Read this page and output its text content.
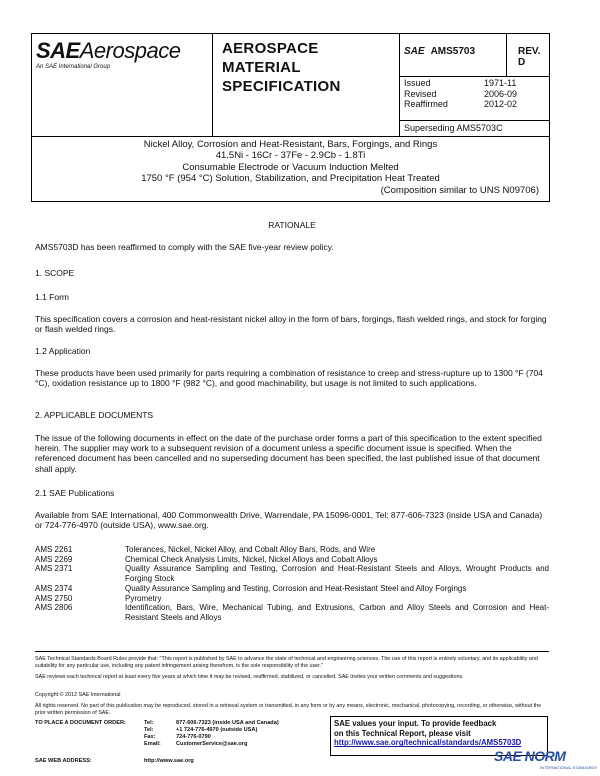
SAEAerospace
An SAE International Group
AEROSPACE
MATERIAL
SPECIFICATION
SAE AMS5703	REV. D
Issued	1971-11
Revised	2006-09
Reaffirmed	2012-02
Superseding AMS5703C
Nickel Alloy, Corrosion and Heat-Resistant, Bars, Forgings, and Rings
41.5Ni - 16Cr - 37Fe - 2.9Cb - 1.8Ti
Consumable Electrode or Vacuum Induction Melted
1750 °F (954 °C) Solution, Stabilization, and Precipitation Heat Treated
(Composition similar to UNS N09706)
RATIONALE
AMS5703D has been reaffirmed to comply with the SAE five-year review policy.
1. SCOPE
1.1 Form
This specification covers a corrosion and heat-resistant nickel alloy in the form of bars, forgings, flash welded rings, and stock for forging or flash welded rings.
1.2 Application
These products have been used primarily for parts requiring a combination of resistance to creep and stress-rupture up to 1300 °F (704 °C), oxidation resistance up to 1800 °F (982 °C), and good machinability, but usage is not limited to such applications.
2. APPLICABLE DOCUMENTS
The issue of the following documents in effect on the date of the purchase order forms a part of this specification to the extent specified herein. The supplier may work to a subsequent revision of a document unless a specific document issue is specified. When the referenced document has been cancelled and no superseding document has been specified, the last published issue of that document shall apply.
2.1 SAE Publications
Available from SAE International, 400 Commonwealth Drive, Warrendale, PA 15096-0001, Tel: 877-606-7323 (inside USA and Canada) or 724-776-4970 (outside USA), www.sae.org.
AMS 2261	Tolerances, Nickel, Nickel Alloy, and Cobalt Alloy Bars, Rods, and Wire
AMS 2269	Chemical Check Analysis Limits, Nickel, Nickel Alloys and Cobalt Alloys
AMS 2371	Quality Assurance Sampling and Testing, Corrosion and Heat-Resistant Steels and Alloys, Wrought Products and Forging Stock
AMS 2374	Quality Assurance Sampling and Testing, Corrosion and Heat-Resistant Steel and Alloy Forgings
AMS 2750	Pyrometry
AMS 2806	Identification, Bars, Wire, Mechanical Tubing, and Extrusions, Carbon and Alloy Steels and Corrosion and Heat-Resistant Steels and Alloys
SAE Technical Standards Board Rules provide that: "This report is published by SAE to advance the state of technical and engineering sciences. The use of this report is entirely voluntary, and its applicability and suitability for any particular use, including any patent infringement arising therefrom, is the sole responsibility of the user."
SAE reviews each technical report at least every five years at which time it may be revised, reaffirmed, stabilized, or cancelled. SAE invites your written comments and suggestions.
Copyright © 2012 SAE International
All rights reserved. No part of this publication may be reproduced, stored in a retrieval system or transmitted, in any form or by any means, electronic, mechanical, photocopying, recording, or otherwise, without the prior written permission of SAE.
TO PLACE A DOCUMENT ORDER:	Tel:	877-606-7323 (inside USA and Canada)
Tel:	+1 724-776-4970 (outside USA)
Fax:	724-776-0790
Email:	CustomerService@sae.org
SAE WEB ADDRESS:	http://www.sae.org
SAE values your input. To provide feedback
on this Technical Report, please visit
http://www.sae.org/technical/standards/AMS5703D
SAE NORM
INTERNATIONAL STANDARDS
